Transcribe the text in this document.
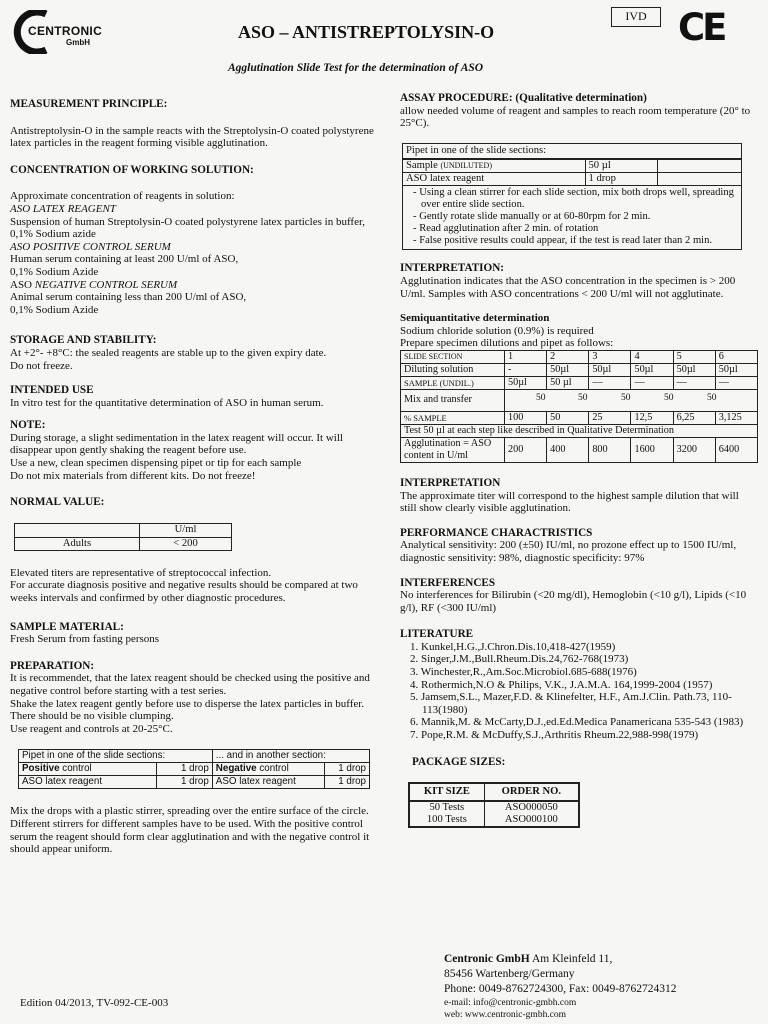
CENTRONIC
GmbH
ASO – ANTISTREPTOLYSIN-O
IVD CE
Agglutination Slide Test for the determination of ASO
MEASUREMENT PRINCIPLE:
Antistreptolysin-O in the sample reacts with the Streptolysin-O coated polystyrene latex particles in the reagent forming visible agglutination.
CONCENTRATION OF WORKING SOLUTION:
Approximate concentration of reagents in solution:
ASO LATEX REAGENT
Suspension of human Streptolysin-O coated polystyrene latex particles in buffer, 0,1% Sodium azide
ASO POSITIVE CONTROL SERUM
Human serum containing at least 200 U/ml of ASO,
0,1% Sodium Azide
ASO NEGATIVE CONTROL SERUM
Animal serum containing less than 200 U/ml of ASO,
0,1% Sodium Azide
STORAGE AND STABILITY:
At +2°- +8°C: the sealed reagents are stable up to the given expiry date.
Do not freeze.
INTENDED USE
In vitro test for the quantitative determination of ASO in human serum.
NOTE:
During storage, a slight sedimentation in the latex reagent will occur. It will disappear upon gently shaking the reagent before use.
Use a new, clean specimen dispensing pipet or tip for each sample
Do not mix materials from different kits. Do not freeze!
NORMAL VALUE:
	U/ml
Adults	< 200
Elevated titers are representative of streptococcal infection.
For accurate diagnosis positive and negative results should be compared at two weeks intervals and confirmed by other diagnostic procedures.
SAMPLE MATERIAL:
Fresh Serum from fasting persons
PREPARATION:
It is recommendet, that the latex reagent should be checked using the positive and negative control before starting with a test series.
Shake the latex reagent gently before use to disperse the latex particles in buffer. There should be no visible clumping.
Use reagent and controls at 20-25°C.
Pipet in one of the slide sections:		... and in another section:	
Positive control	1 drop	Negative control	1 drop
ASO latex reagent	1 drop	ASO latex reagent	1 drop
Mix the drops with a plastic stirrer, spreading over the entire surface of the circle. Different stirrers for different samples have to be used. With the positive control serum the reagent should form clear agglutination and with the negative control it should appear uniform.
Edition 04/2013, TV-092-CE-003
ASSAY PROCEDURE: (Qualitative determination)
allow needed volume of reagent and samples to reach room temperature (20° to 25°C).
Pipet in one of the slide sections:
Sample (UNDILUTED)	50 µl	
ASO latex reagent	1 drop	
- Using a clean stirrer for each slide section, mix both drops well, spreading over entire slide section.
- Gently rotate slide manually or at 60-80rpm for 2 min.
- Read agglutination after 2 min. of rotation
- False positive results could appear, if the test is read later than 2 min.
INTERPRETATION:
Agglutination indicates that the ASO concentration in the specimen is > 200 U/ml. Samples with ASO concentrations < 200 U/ml will not agglutinate.
Semiquantitative determination
Sodium chloride solution (0.9%) is required
Prepare specimen dilutions and pipet as follows:
SLIDE SECTION	1	2	3	4	5	6
Diluting solution	-	50µl	50µl	50µl	50µl	50µl
SAMPLE (UNDIL.)	50µl	50 µl	—	—	—	—
Mix and transfer	50 50 50 50 50					

% SAMPLE	100	50	25	12,5	6,25	3,125
Test 50 µl at each step like described in Qualitative Determination						
Agglutination = ASO content in U/ml	200	400	800	1600	3200	6400
INTERPRETATION
The approximate titer will correspond to the highest sample dilution that will still show clearly visible agglutination.
PERFORMANCE CHARACTRISTICS
Analytical sensitivity: 200 (±50) IU/ml, no prozone effect up to 1500 IU/ml, diagnostic sensitivity: 98%, diagnostic specificity: 97%
INTERFERENCES
No interferences for Bilirubin (<20 mg/dl), Hemoglobin (<10 g/l), Lipids (<10 g/l), RF (<300 IU/ml)
LITERATURE
1. Kunkel,H.G.,J.Chron.Dis.10,418-427(1959)
2. Singer,J.M.,Bull.Rheum.Dis.24,762-768(1973)
3. Winchester,R.,Am.Soc.Microbiol.685-688(1976)
4. Rothermich,N.O & Philips, V.K., J.A.M.A. 164,1999-2004 (1957)
5. Jamsem,S.L., Mazer,F.D. & Klinefelter, H.F., Am.J.Clin. Path.73, 110-113(1980)
6. Mannik,M. & McCarty,D.J.,ed.Ed.Medica Panamericana 535-543 (1983)
7. Pope,R.M. & McDuffy,S.J.,Arthritis Rheum.22,988-998(1979)
PACKAGE SIZES:
KIT SIZE	ORDER NO.
50 Tests	ASO000050
100 Tests	ASO000100
Centronic GmbH Am Kleinfeld 11,
85456 Wartenberg/Germany
Phone: 0049-8762724300, Fax: 0049-8762724312
e-mail: info@centronic-gmbh.com
web: www.centronic-gmbh.com
